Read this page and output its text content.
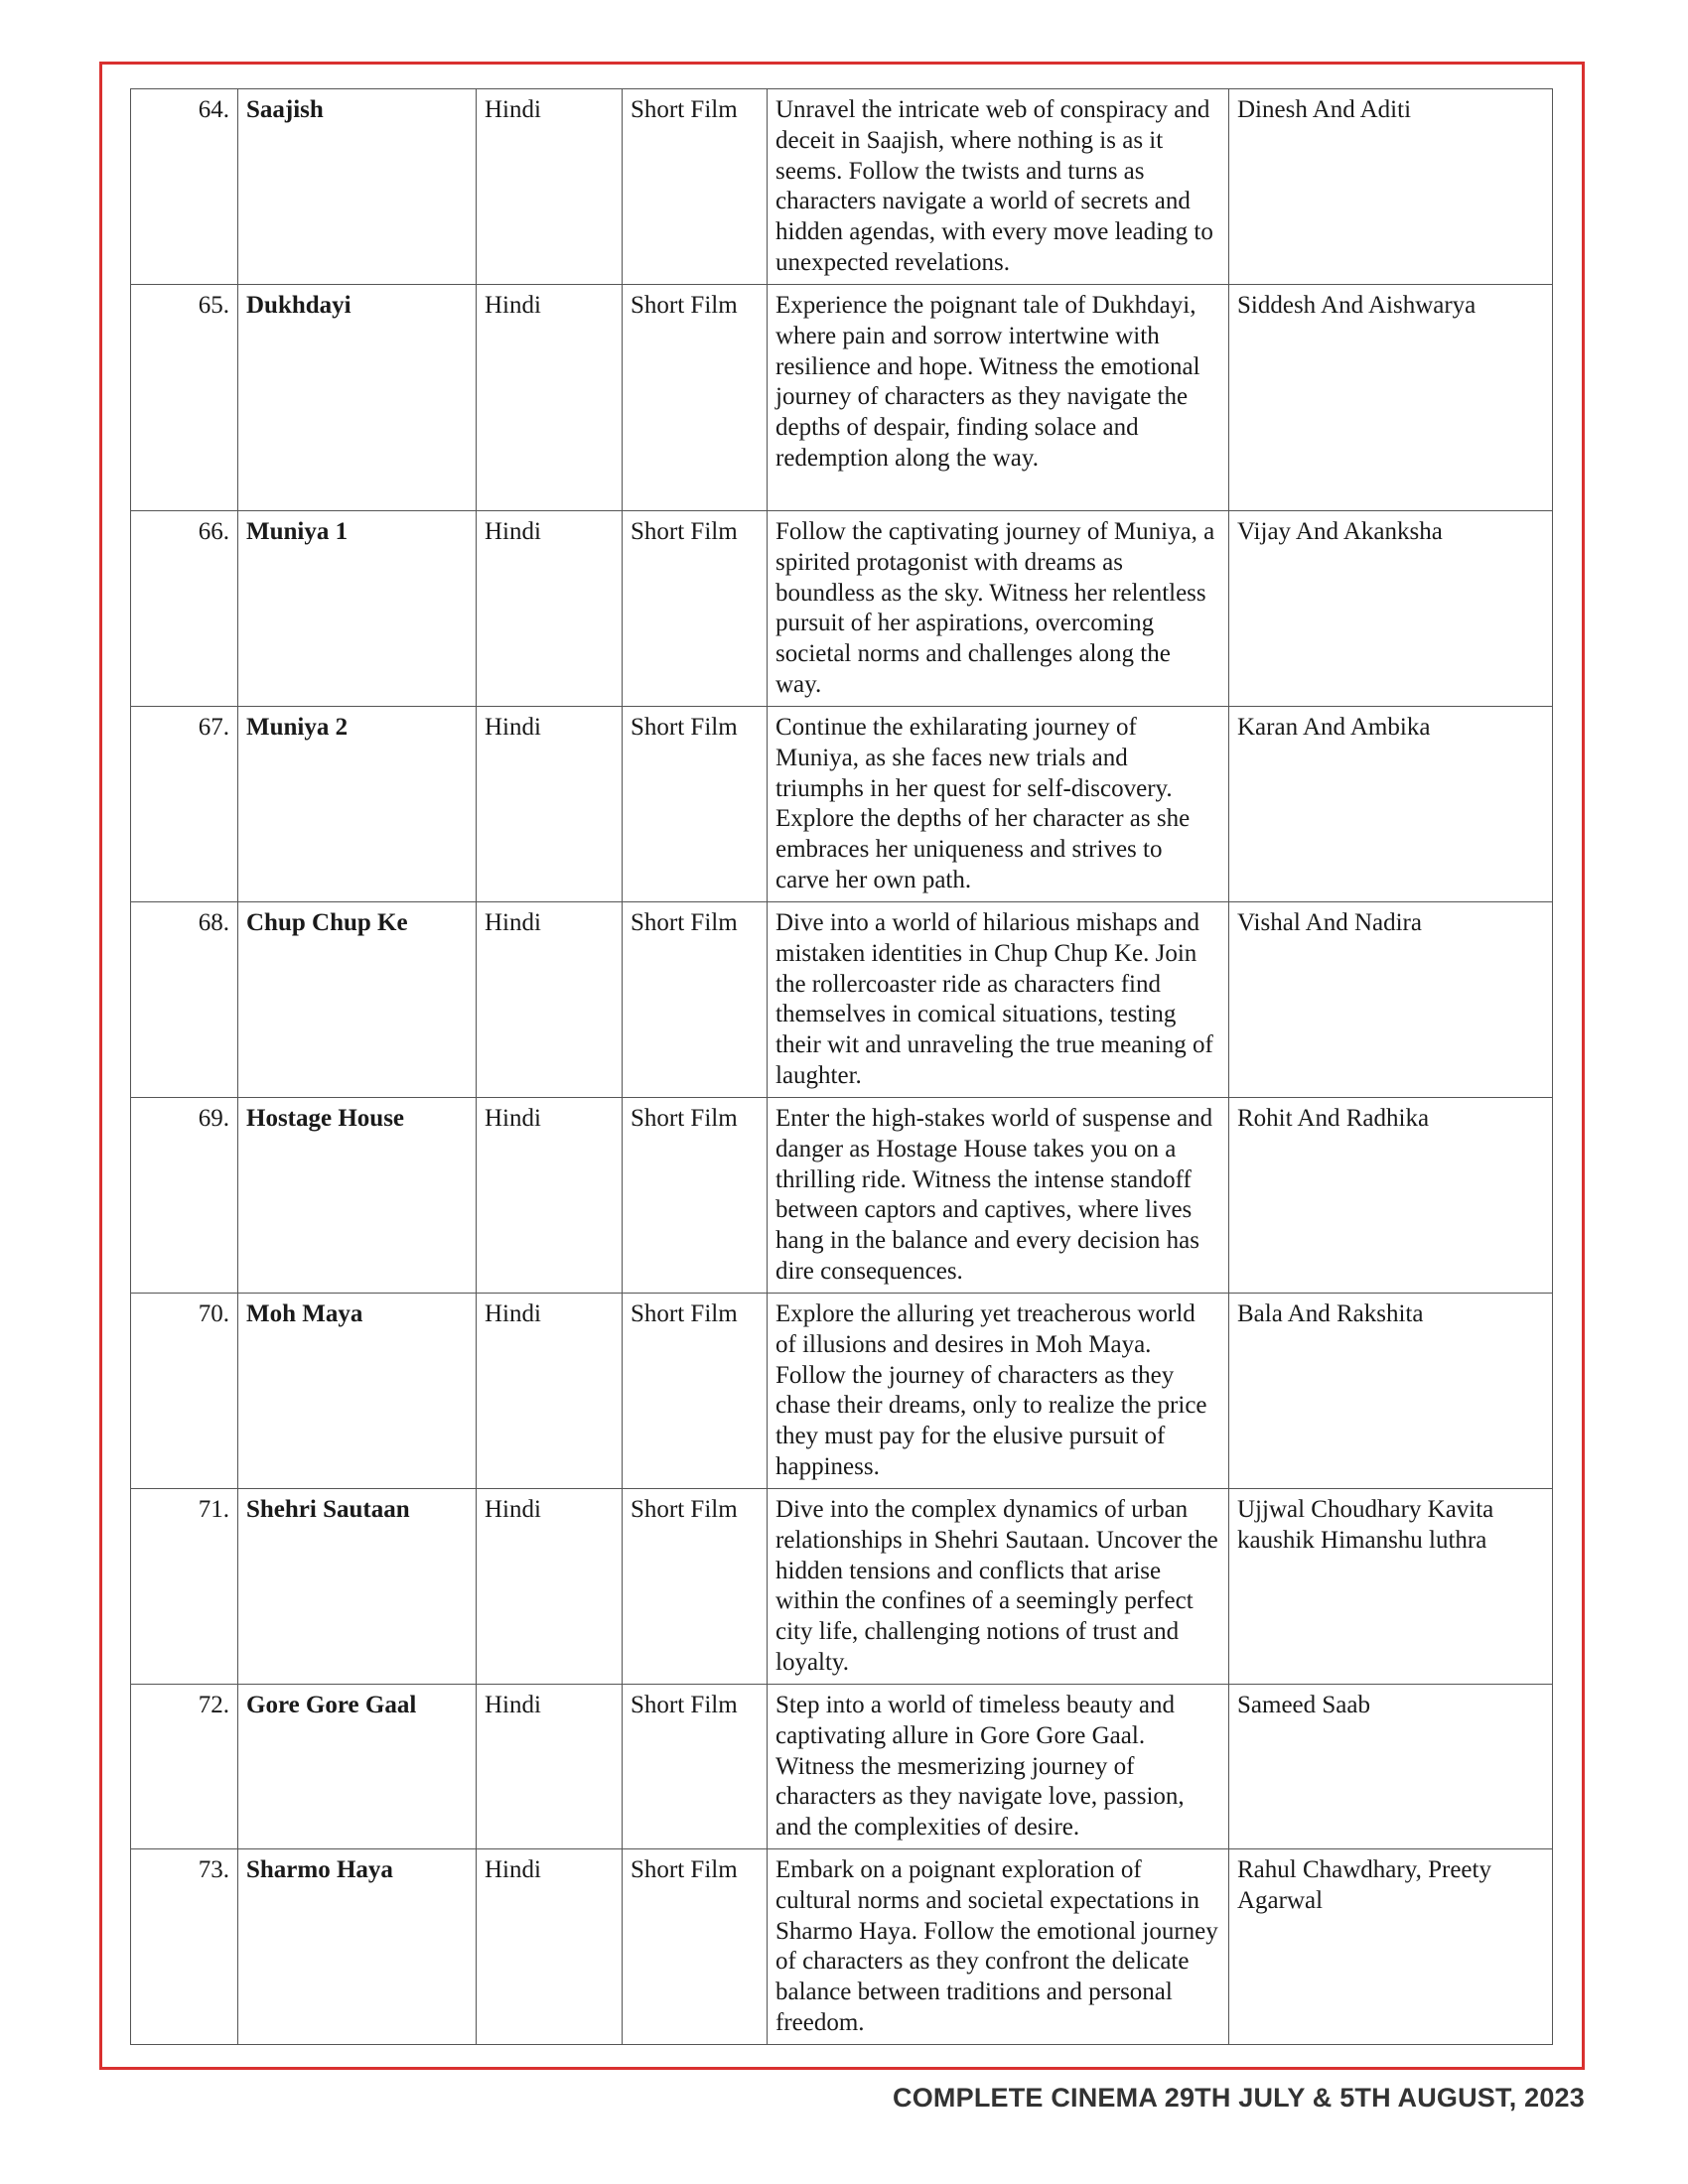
64.	Saajish	Hindi	Short Film	Unravel the intricate web of conspiracy and deceit in Saajish, where nothing is as it seems. Follow the twists and turns as characters navigate a world of secrets and hidden agendas, with every move leading to unexpected revelations.	Dinesh And Aditi
65.	Dukhdayi	Hindi	Short Film	Experience the poignant tale of Dukhdayi, where pain and sorrow intertwine with resilience and hope. Witness the emotional journey of characters as they navigate the depths of despair, finding solace and redemption along the way.	Siddesh And Aishwarya
66.	Muniya 1	Hindi	Short Film	Follow the captivating journey of Muniya, a spirited protagonist with dreams as boundless as the sky. Witness her relentless pursuit of her aspirations, overcoming societal norms and challenges along the way.	Vijay And Akanksha
67.	Muniya 2	Hindi	Short Film	Continue the exhilarating journey of Muniya, as she faces new trials and triumphs in her quest for self-discovery. Explore the depths of her character as she embraces her uniqueness and strives to carve her own path.	Karan And Ambika
68.	Chup Chup Ke	Hindi	Short Film	Dive into a world of hilarious mishaps and mistaken identities in Chup Chup Ke. Join the rollercoaster ride as characters find themselves in comical situations, testing their wit and unraveling the true meaning of laughter.	Vishal And Nadira
69.	Hostage House	Hindi	Short Film	Enter the high-stakes world of suspense and danger as Hostage House takes you on a thrilling ride. Witness the intense standoff between captors and captives, where lives hang in the balance and every decision has dire consequences.	Rohit And Radhika
70.	Moh Maya	Hindi	Short Film	Explore the alluring yet treacherous world of illusions and desires in Moh Maya. Follow the journey of characters as they chase their dreams, only to realize the price they must pay for the elusive pursuit of happiness.	Bala And Rakshita
71.	Shehri Sautaan	Hindi	Short Film	Dive into the complex dynamics of urban relationships in Shehri Sautaan. Uncover the hidden tensions and conflicts that arise within the confines of a seemingly perfect city life, challenging notions of trust and loyalty.	Ujjwal Choudhary Kavita kaushik Himanshu luthra
72.	Gore Gore Gaal	Hindi	Short Film	Step into a world of timeless beauty and captivating allure in Gore Gore Gaal. Witness the mesmerizing journey of characters as they navigate love, passion, and the complexities of desire.	Sameed Saab
73.	Sharmo Haya	Hindi	Short Film	Embark on a poignant exploration of cultural norms and societal expectations in Sharmo Haya. Follow the emotional journey of characters as they confront the delicate balance between traditions and personal freedom.	Rahul Chawdhary, Preety Agarwal
COMPLETE CINEMA 29TH JULY & 5TH AUGUST, 2023
